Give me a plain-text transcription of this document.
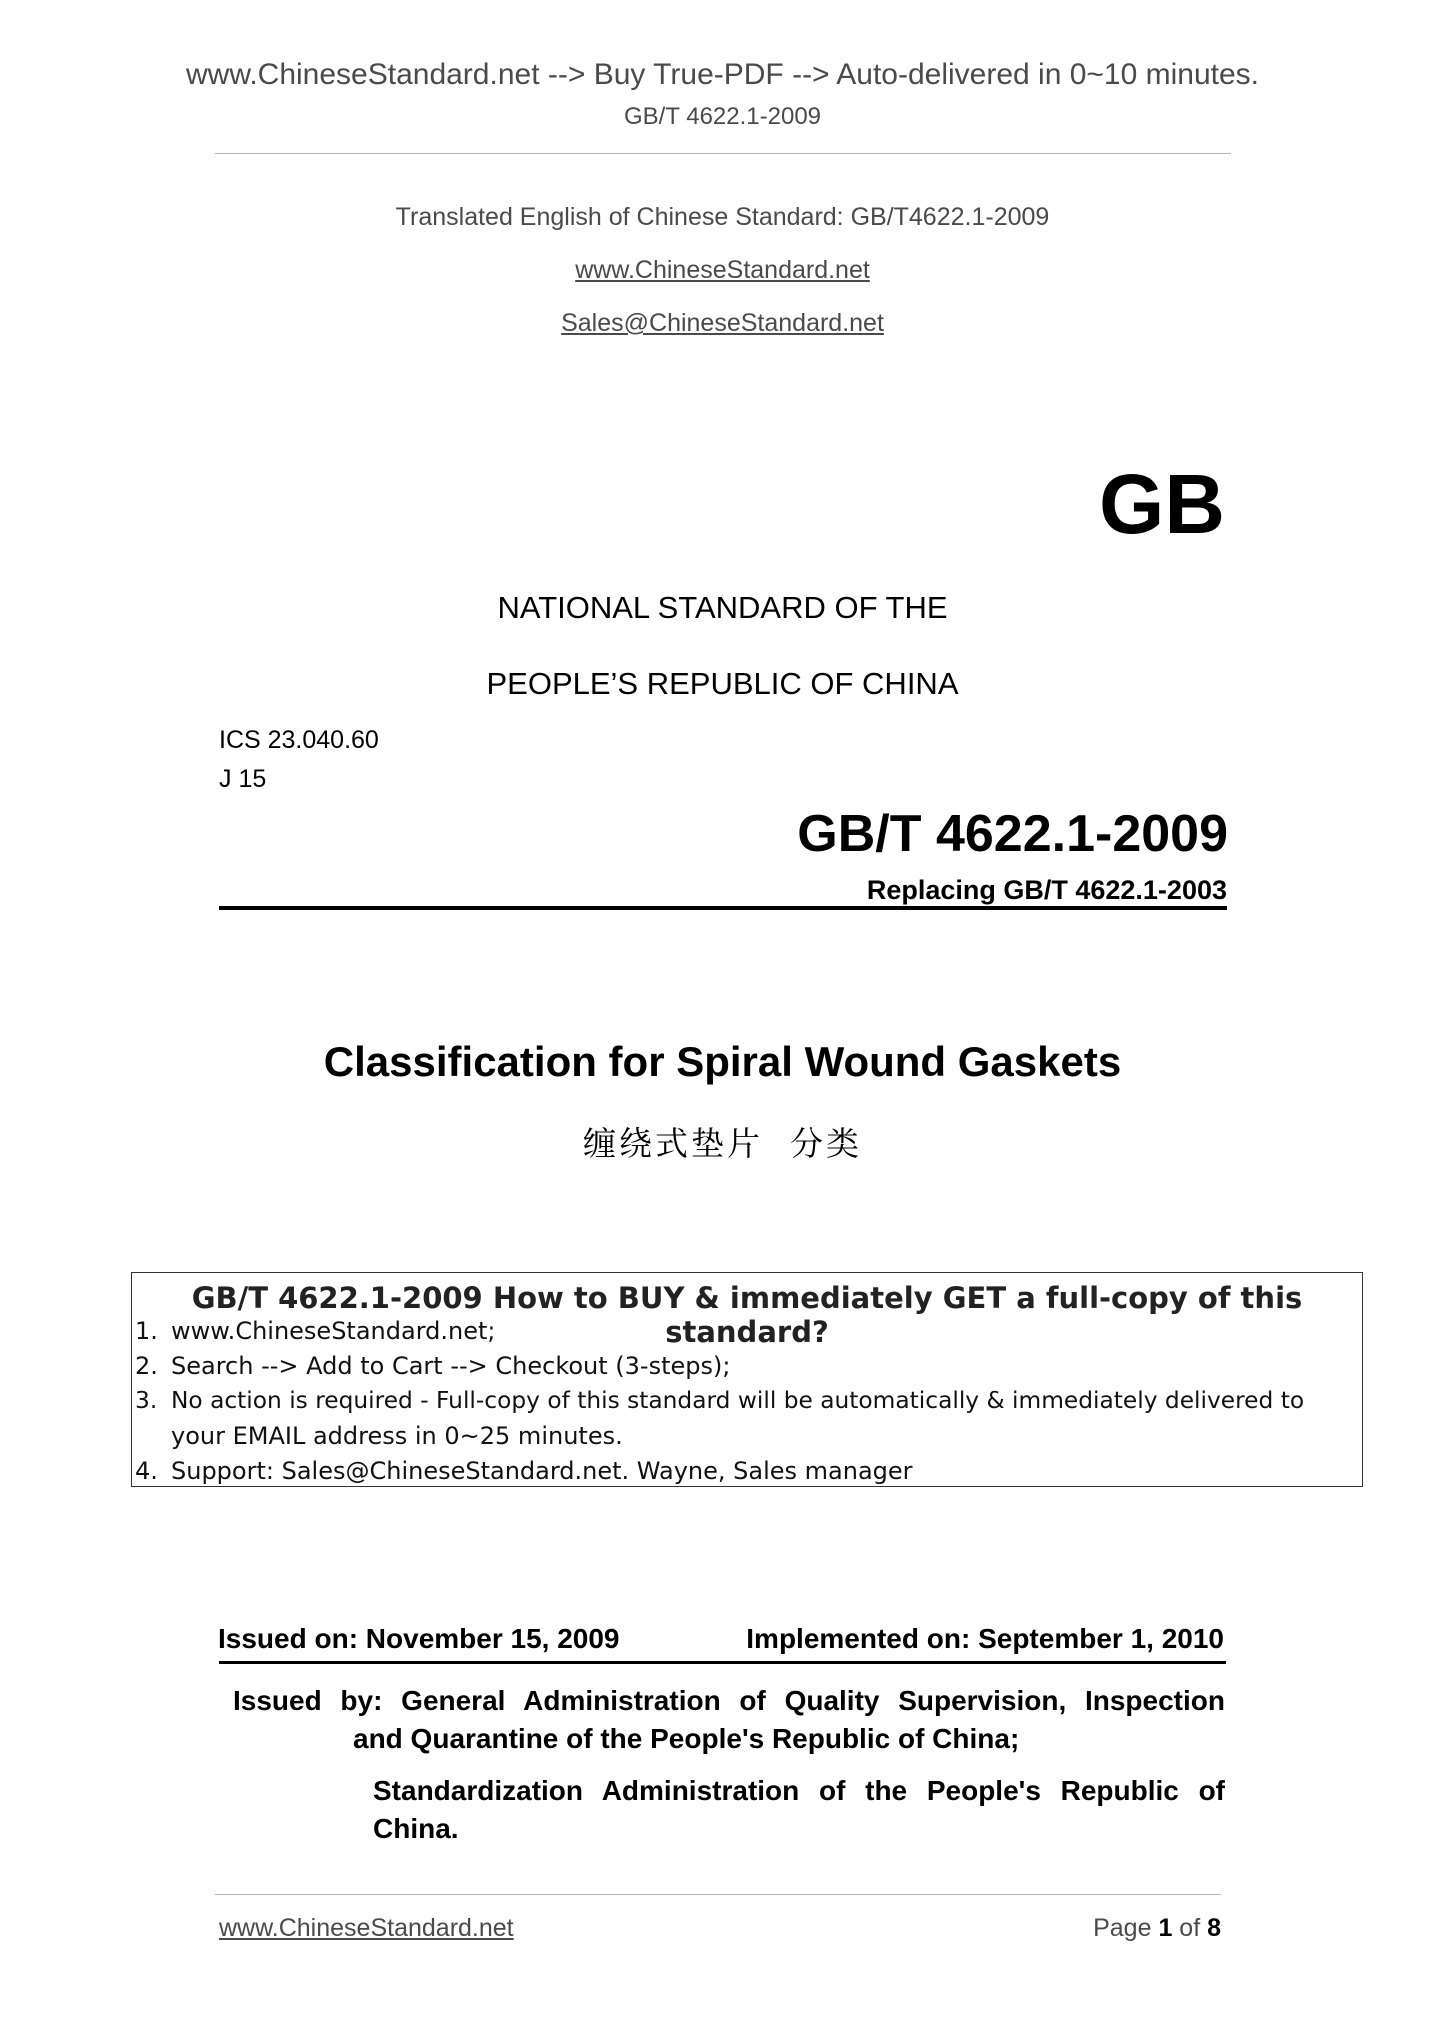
www.ChineseStandard.net --> Buy True-PDF --> Auto-delivered in 0~10 minutes.
GB/T 4622.1-2009
Translated English of Chinese Standard: GB/T4622.1-2009
www.ChineseStandard.net
Sales@ChineseStandard.net
GB
NATIONAL STANDARD OF THE
PEOPLE’S REPUBLIC OF CHINA
ICS 23.040.60
J 15
GB/T 4622.1-2009
Replacing GB/T 4622.1-2003
Classification for Spiral Wound Gaskets
缠绕式垫片  分类
GB/T 4622.1-2009 How to BUY & immediately GET a full-copy of this standard?
1. www.ChineseStandard.net;
2. Search --> Add to Cart --> Checkout (3-steps);
3. No action is required - Full-copy of this standard will be automatically & immediately delivered to
your EMAIL address in 0~25 minutes.
4. Support: Sales@ChineseStandard.net. Wayne, Sales manager
Issued on: November 15, 2009	Implemented on: September 1, 2010
Issued by: General Administration of Quality Supervision, Inspection
and Quarantine of the People's Republic of China;
Standardization Administration of the People's Republic of
China.
www.ChineseStandard.net	Page 1 of 8
